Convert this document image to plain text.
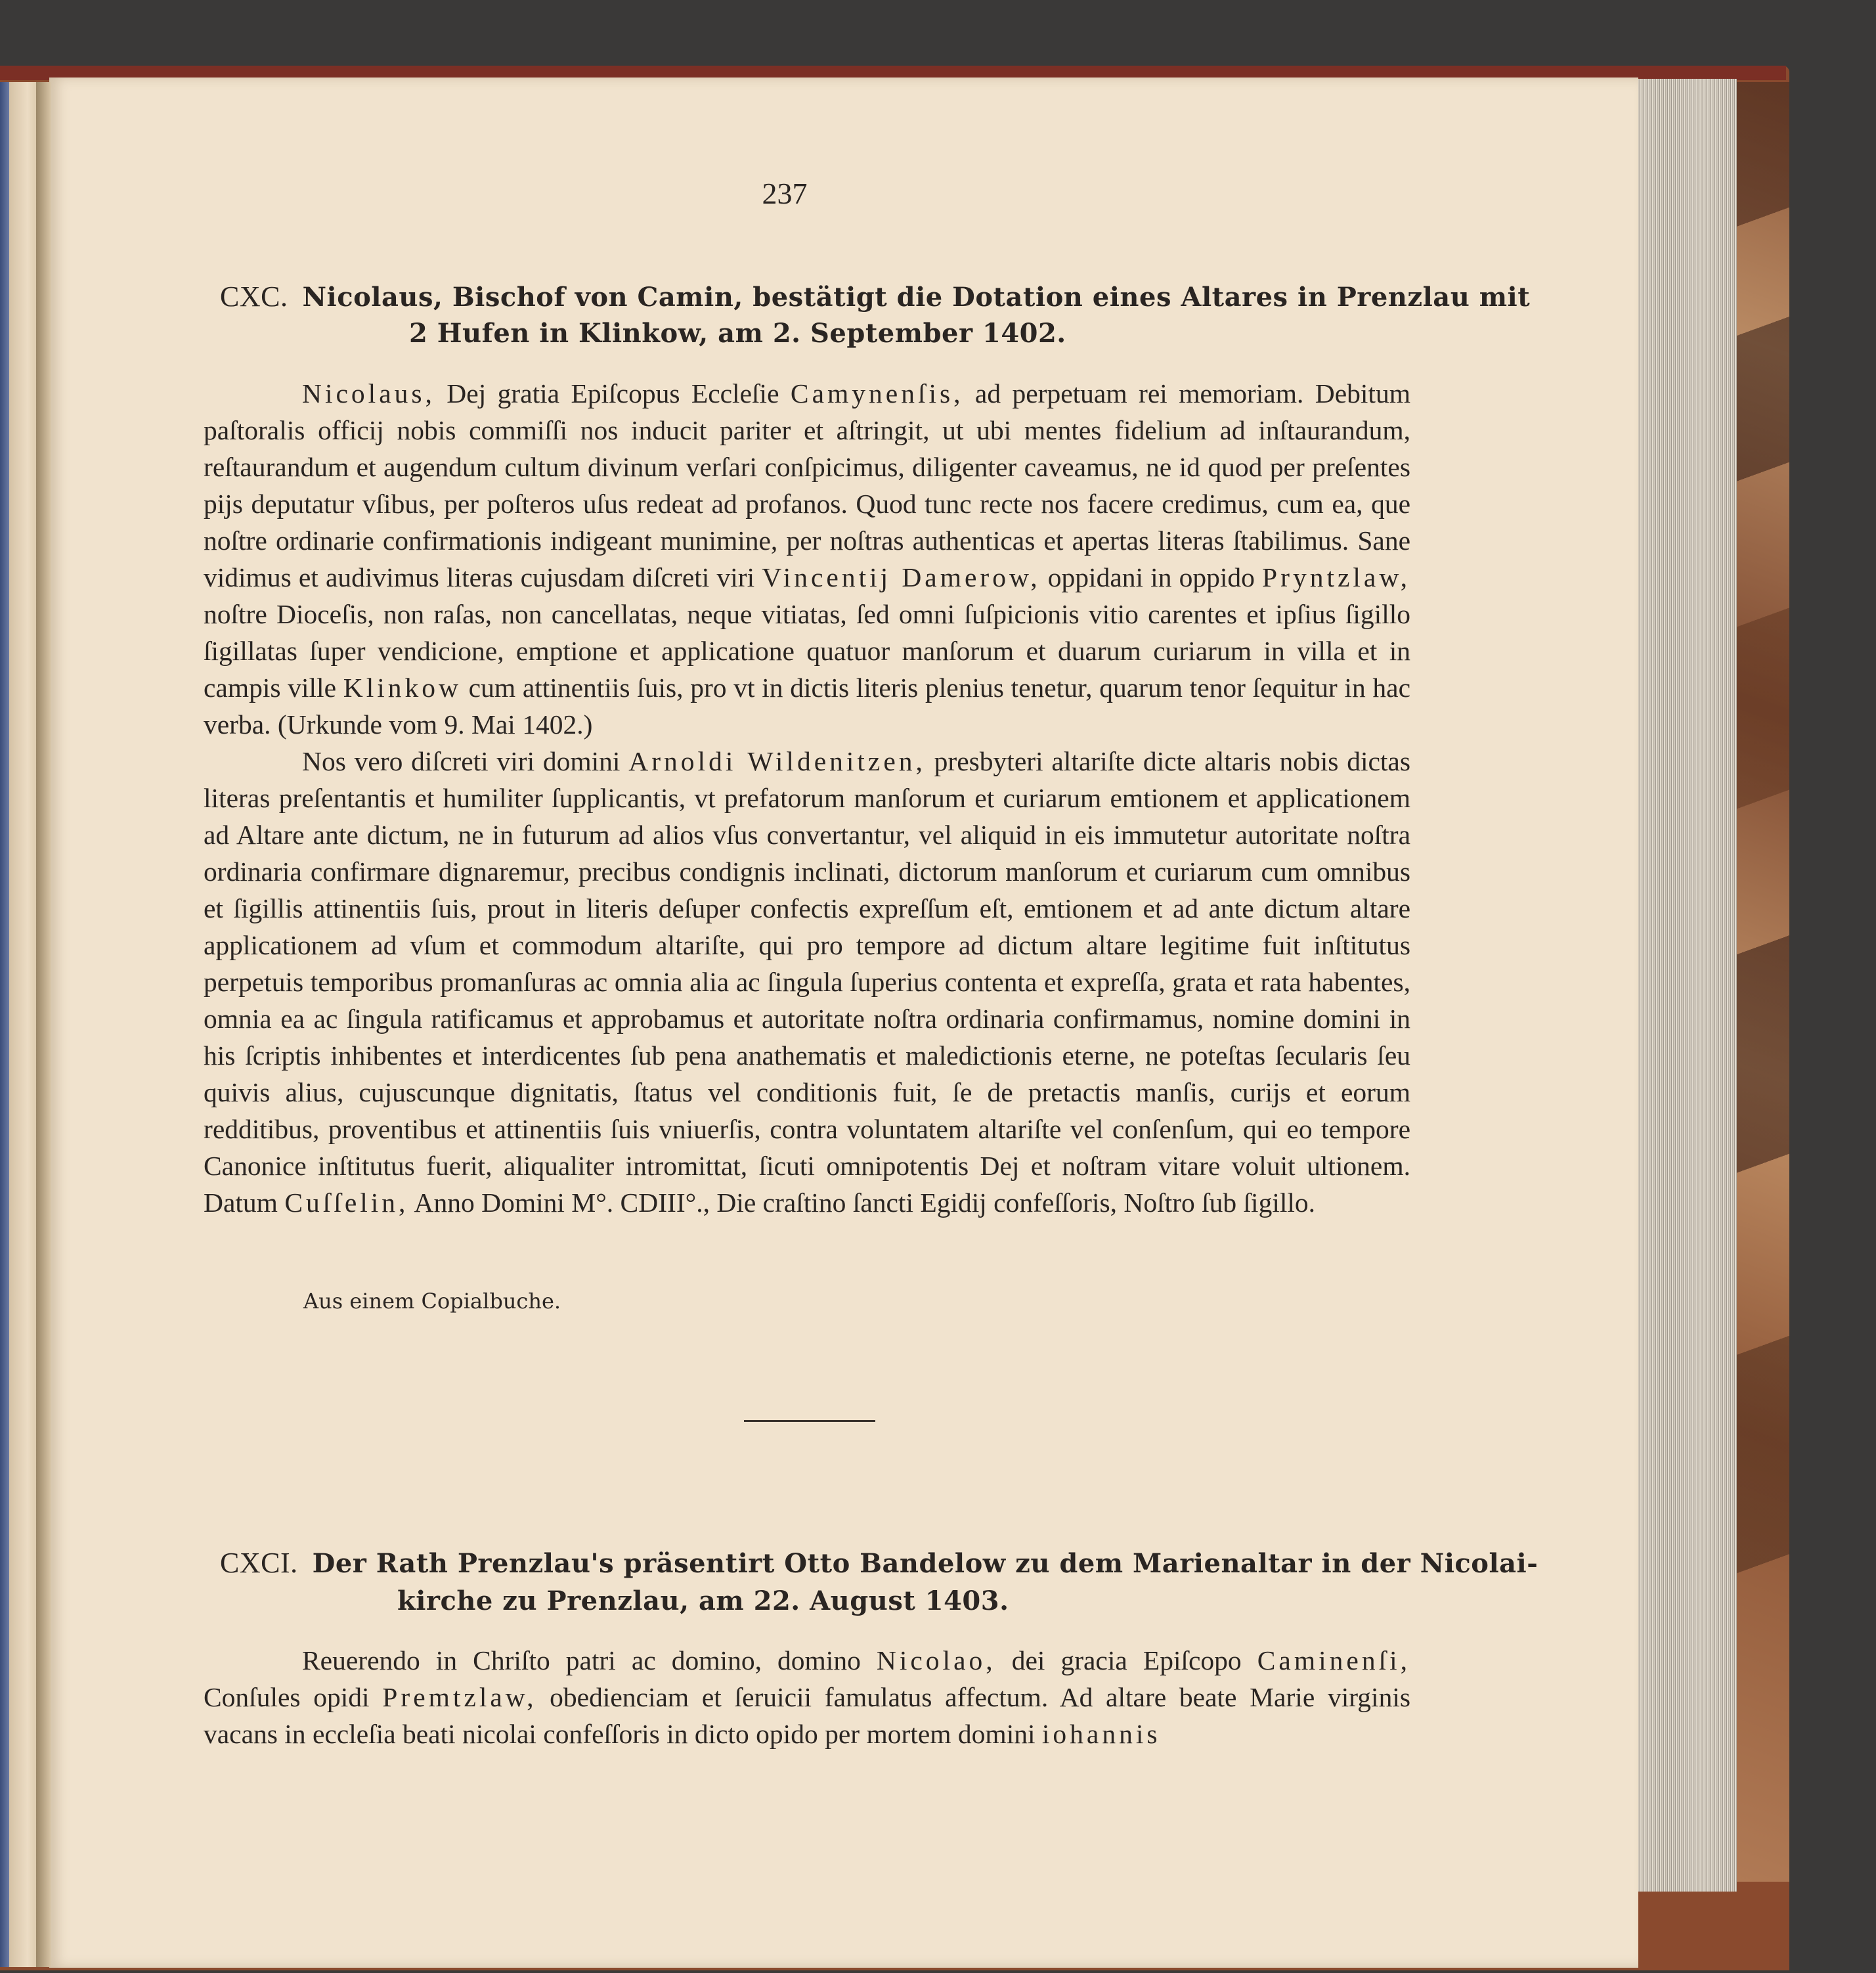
237
CXC. Nicolaus, Bischof von Camin, bestätigt die Dotation eines Altares in Prenzlau mit
2 Hufen in Klinkow, am 2. September 1402.

Nicolaus, Dej gratia Epiſcopus Eccleſie Camynenſis, ad perpetuam rei memoriam. Debitum paſtoralis officij nobis commiſſi nos inducit pariter et aſtringit, ut ubi mentes fidelium ad inſtaurandum, reſtaurandum et augendum cultum divinum verſari conſpicimus, diligenter caveamus, ne id quod per preſentes pijs deputatur vſibus, per poſteros uſus redeat ad profanos. Quod tunc recte nos facere credimus, cum ea, que noſtre ordinarie confirmationis indigeant munimine, per noſtras authenticas et apertas literas ſtabilimus. Sane vidimus et audivimus literas cujusdam diſcreti viri Vincentij Damerow, oppidani in oppido Pryntzlaw, noſtre Dioceſis, non raſas, non cancellatas, neque vitiatas, ſed omni ſuſpicionis vitio carentes et ipſius ſigillo ſigillatas ſuper vendicione, emptione et applicatione quatuor manſorum et duarum curiarum in villa et in campis ville Klinkow cum attinentiis ſuis, pro vt in dictis literis plenius tenetur, quarum tenor ſequitur in hac verba. (Urkunde vom 9. Mai 1402.)

Nos vero diſcreti viri domini Arnoldi Wildenitzen, presbyteri altariſte dicte altaris nobis dictas literas preſentantis et humiliter ſupplicantis, vt prefatorum manſorum et curiarum emtionem et applicationem ad Altare ante dictum, ne in futurum ad alios vſus convertantur, vel aliquid in eis immutetur autoritate noſtra ordinaria confirmare dignaremur, precibus condignis inclinati, dictorum manſorum et curiarum cum omnibus et ſigillis attinentiis ſuis, prout in literis deſuper confectis expreſſum eſt, emtionem et ad ante dictum altare applicationem ad vſum et commodum altariſte, qui pro tempore ad dictum altare legitime fuit inſtitutus perpetuis temporibus promanſuras ac omnia alia ac ſingula ſuperius contenta et expreſſa, grata et rata habentes, omnia ea ac ſingula ratificamus et approbamus et autoritate noſtra ordinaria confirmamus, nomine domini in his ſcriptis inhibentes et interdicentes ſub pena anathematis et maledictionis eterne, ne poteſtas ſecularis ſeu quivis alius, cujuscunque dignitatis, ſtatus vel conditionis fuit, ſe de pretactis manſis, curijs et eorum redditibus, proventibus et attinentiis ſuis vniuerſis, contra voluntatem altariſte vel conſenſum, qui eo tempore Canonice inſtitutus fuerit, aliqualiter intromittat, ſicuti omnipotentis Dej et noſtram vitare voluit ultionem. Datum Cuſſelin, Anno Domini M°. CDIII°., Die craſtino ſancti Egidij confeſſoris, Noſtro ſub ſigillo.

Aus einem Copialbuche.
CXCI. Der Rath Prenzlau's präsentirt Otto Bandelow zu dem Marienaltar in der Nicolai-
kirche zu Prenzlau, am 22. August 1403.

Reuerendo in Chriſto patri ac domino, domino Nicolao, dei gracia Epiſcopo Caminenſi, Conſules opidi Premtzlaw, obedienciam et ſeruicii famulatus affectum. Ad altare beate Marie virginis vacans in eccleſia beati nicolai confeſſoris in dicto opido per mortem domini iohannis
